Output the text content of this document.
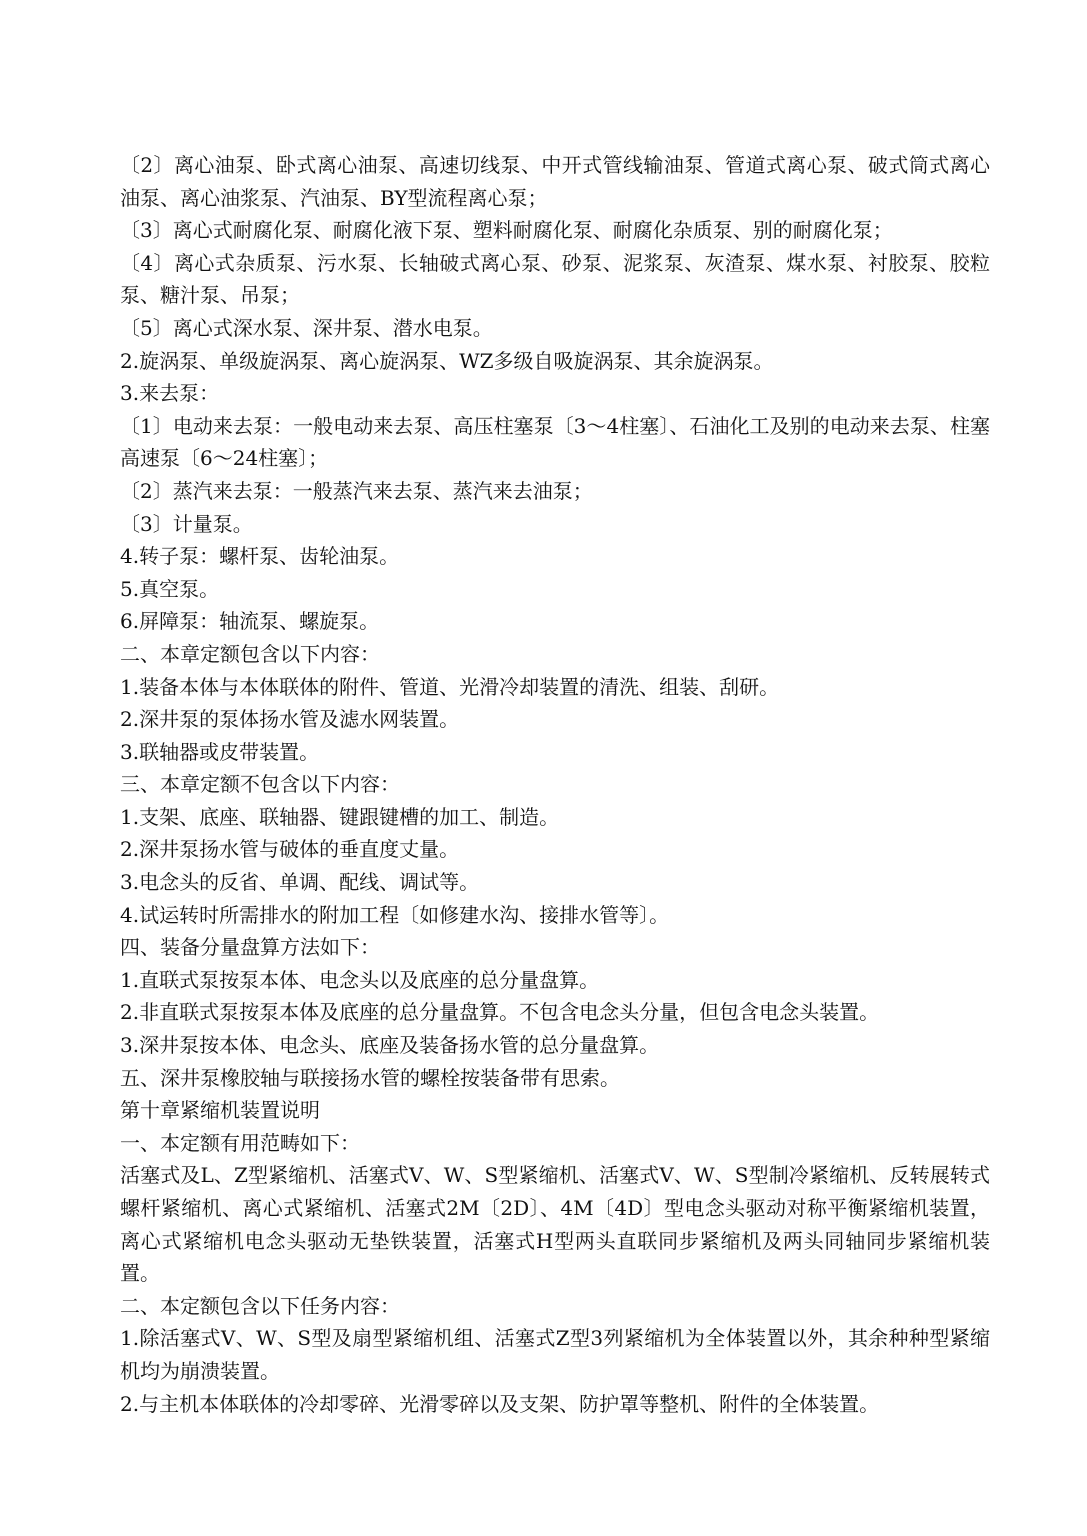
〔2〕离心油泵、卧式离心油泵、高速切线泵、中开式管线输油泵、管道式离心泵、破式筒式离心油泵、离心油浆泵、汽油泵、BY型流程离心泵；

〔3〕离心式耐腐化泵、耐腐化液下泵、塑料耐腐化泵、耐腐化杂质泵、别的耐腐化泵；

〔4〕离心式杂质泵、污水泵、长轴破式离心泵、砂泵、泥浆泵、灰渣泵、煤水泵、衬胶泵、胶粒泵、糖汁泵、吊泵；

〔5〕离心式深水泵、深井泵、潜水电泵。

2.旋涡泵、单级旋涡泵、离心旋涡泵、WZ多级自吸旋涡泵、其余旋涡泵。

3.来去泵：

〔1〕电动来去泵：一般电动来去泵、高压柱塞泵〔3～4柱塞〕、石油化工及别的电动来去泵、柱塞高速泵〔6～24柱塞〕；

〔2〕蒸汽来去泵：一般蒸汽来去泵、蒸汽来去油泵；

〔3〕计量泵。

4.转子泵：螺杆泵、齿轮油泵。

5.真空泵。

6.屏障泵：轴流泵、螺旋泵。

二、本章定额包含以下内容：

1.装备本体与本体联体的附件、管道、光滑冷却装置的清洗、组装、刮研。

2.深井泵的泵体扬水管及滤水网装置。

3.联轴器或皮带装置。

三、本章定额不包含以下内容：

1.支架、底座、联轴器、键跟键槽的加工、制造。

2.深井泵扬水管与破体的垂直度丈量。

3.电念头的反省、单调、配线、调试等。

4.试运转时所需排水的附加工程〔如修建水沟、接排水管等〕。

四、装备分量盘算方法如下：

1.直联式泵按泵本体、电念头以及底座的总分量盘算。

2.非直联式泵按泵本体及底座的总分量盘算。不包含电念头分量，但包含电念头装置。

3.深井泵按本体、电念头、底座及装备扬水管的总分量盘算。

五、深井泵橡胶轴与联接扬水管的螺栓按装备带有思索。

第十章紧缩机装置说明

一、本定额有用范畴如下：

活塞式及L、Z型紧缩机、活塞式V、W、S型紧缩机、活塞式V、W、S型制冷紧缩机、反转展转式螺杆紧缩机、离心式紧缩机、活塞式2M〔2D〕、4M〔4D〕型电念头驱动对称平衡紧缩机装置，离心式紧缩机电念头驱动无垫铁装置，活塞式H型两头直联同步紧缩机及两头同轴同步紧缩机装置。

二、本定额包含以下任务内容：

1.除活塞式V、W、S型及扇型紧缩机组、活塞式Z型3列紧缩机为全体装置以外，其余种种型紧缩机均为崩溃装置。

2.与主机本体联体的冷却零碎、光滑零碎以及支架、防护罩等整机、附件的全体装置。
